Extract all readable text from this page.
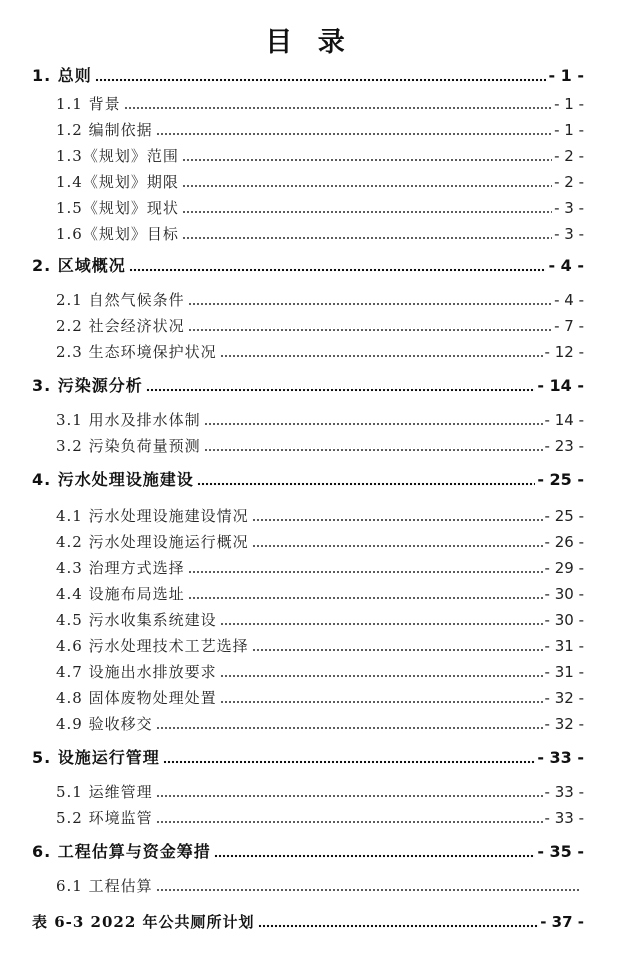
目 录
1. 总则	- 1 -
1.1 背景	- 1 -
1.2 编制依据	- 1 -
1.3《规划》范围	- 2 -
1.4《规划》期限	- 2 -
1.5《规划》现状	- 3 -
1.6《规划》目标	- 3 -
2. 区域概况	- 4 -
2.1 自然气候条件	- 4 -
2.2 社会经济状况	- 7 -
2.3 生态环境保护状况	- 12 -
3. 污染源分析	- 14 -
3.1 用水及排水体制	- 14 -
3.2 污染负荷量预测	- 23 -
4. 污水处理设施建设	- 25 -
4.1 污水处理设施建设情况	- 25 -
4.2 污水处理设施运行概况	- 26 -
4.3 治理方式选择	- 29 -
4.4 设施布局选址	- 30 -
4.5 污水收集系统建设	- 30 -
4.6 污水处理技术工艺选择	- 31 -
4.7 设施出水排放要求	- 31 -
4.8 固体废物处理处置	- 32 -
4.9 验收移交	- 32 -
5. 设施运行管理	- 33 -
5.1 运维管理	- 33 -
5.2 环境监管	- 33 -
6. 工程估算与资金筹措	- 35 -
6.1 工程估算
表 6-3 2022 年公共厕所计划	- 37 -
